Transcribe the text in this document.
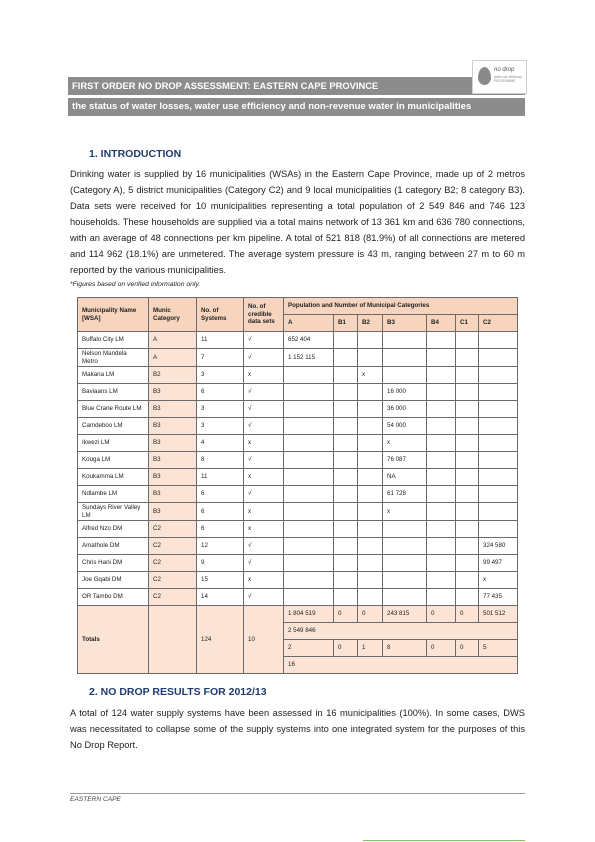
FIRST ORDER NO DROP ASSESSMENT: EASTERN CAPE PROVINCE
the status of water losses, water use efficiency and non-revenue water in municipalities
no drop
water use efficiency PROGRAMME
1. INTRODUCTION

Drinking water is supplied by 16 municipalities (WSAs) in the Eastern Cape Province, made up of 2 metros (Category A), 5 district municipalities (Category C2) and 9 local municipalities (1 category B2; 8 category B3). Data sets were received for 10 municipalities representing a total population of 2 549 846 and 746 123 households. These households are supplied via a total mains network of 13 361 km and 636 780 connections, with an average of 48 connections per km pipeline. A total of 521 818 (81.9%) of all connections are metered and 114 962 (18.1%) are unmetered. The average system pressure is 43 m, ranging between 27 m to 60 m reported by the various municipalities.

*Figures based on verified information only.
Municipality Name [WSA]	Munic Category	No. of Systems	No. of credible data sets	Population and Number of Municipal Categories						
				A	B1	B2	B3	B4	C1	C2
Buffalo City LM	A	11	√	652 404						
Nelson Mandela Metro	A	7	√	1 152 115						
Makana LM	B2	3	x			x				
Baviaans LM	B3	6	√				16 000			
Blue Crane Route LM	B3	3	√				36 000			
Camdeboo LM	B3	3	√				54 000			
Ikwezi LM	B3	4	x				x			
Kouga LM	B3	8	√				76 087			
Koukamma LM	B3	11	x				NA			
Ndlambe LM	B3	6	√				61 728			
Sundays River Valley LM	B3	6	x				x			
Alfred Nzo DM	C2	6	x							
Amathole DM	C2	12	√							324 580
Chris Hani DM	C2	9	√							99 497
Joe Gqabi DM	C2	15	x							x
OR Tambo DM	C2	14	√							77 435
Totals		124	10	1 804 519	0	0	243 815	0	0	501 512
				2 549 846						
				2	0	1	8	0	0	5
				16						
2. NO DROP RESULTS FOR 2012/13

A total of 124 water supply systems have been assessed in 16 municipalities (100%). In some cases, DWS was necessitated to collapse some of the supply systems into one integrated system for the purposes of this No Drop Report.

EASTERN CAPE
